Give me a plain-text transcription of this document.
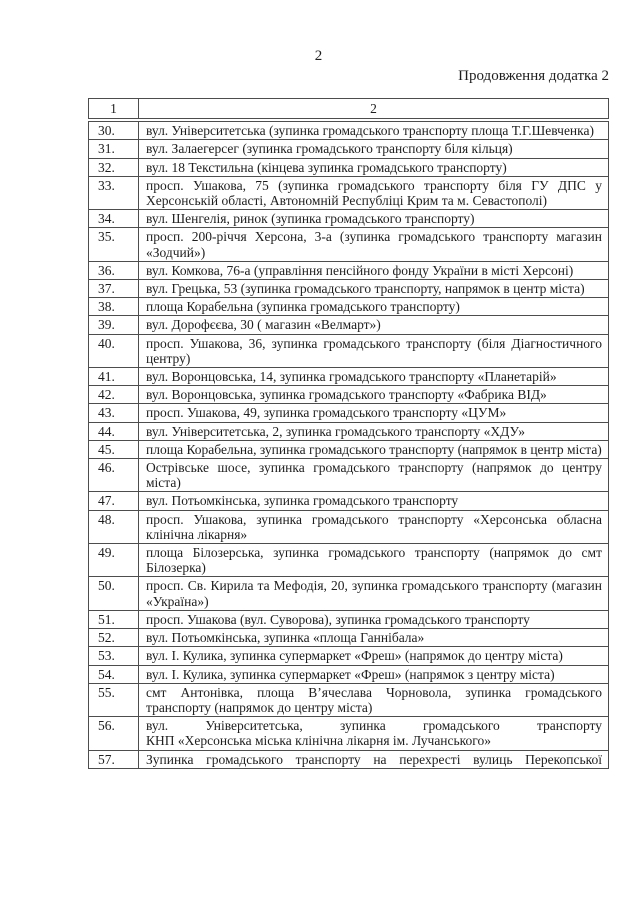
2
Продовження додатка 2
1	2
30.	вул. Університетська (зупинка громадського транспорту площа Т.Г.Шевченка)
31.	вул. Залаегерсег (зупинка громадського транспорту біля кільця)
32.	вул. 18 Текстильна (кінцева зупинка громадського транспорту)
33.	просп. Ушакова, 75 (зупинка громадського транспорту біля ГУ ДПС у Херсонській області, Автономній Республіці Крим та м. Севастополі)
34.	вул. Шенгелія, ринок (зупинка громадського транспорту)
35.	просп. 200-річчя Херсона, 3-а (зупинка громадського транспорту магазин «Зодчий»)
36.	вул. Комкова, 76-а (управління пенсійного фонду України в місті Херсоні)
37.	вул. Грецька, 53 (зупинка громадського транспорту, напрямок в центр міста)
38.	площа Корабельна (зупинка громадського транспорту)
39.	вул. Дорофєєва, 30 ( магазин «Велмарт»)
40.	просп. Ушакова, 36, зупинка громадського транспорту (біля Діагностичного центру)
41.	вул. Воронцовська, 14, зупинка громадського транспорту «Планетарій»
42.	вул. Воронцовська, зупинка громадського транспорту «Фабрика ВІД»
43.	просп. Ушакова, 49, зупинка громадського транспорту «ЦУМ»
44.	вул. Університетська, 2, зупинка громадського транспорту «ХДУ»
45.	площа Корабельна, зупинка громадського транспорту (напрямок в центр міста)
46.	Острівське шосе, зупинка громадського транспорту (напрямок до центру міста)
47.	вул. Потьомкінська, зупинка громадського транспорту
48.	просп. Ушакова, зупинка громадського транспорту «Херсонська обласна клінічна лікарня»
49.	площа Білозерська, зупинка громадського транспорту (напрямок до смт Білозерка)
50.	просп. Св. Кирила та Мефодія, 20, зупинка громадського транспорту (магазин «Україна»)
51.	просп. Ушакова (вул. Суворова), зупинка громадського транспорту
52.	вул. Потьомкінська, зупинка «площа Ганнібала»
53.	вул. І. Кулика, зупинка супермаркет «Фреш» (напрямок до центру міста)
54.	вул. І. Кулика, зупинка супермаркет «Фреш» (напрямок з центру міста)
55.	смт Антонівка, площа В’ячеслава Чорновола, зупинка громадського транспорту (напрямок до центру міста)
56.	вул. Університетська, зупинка громадського транспорту КНП «Херсонська міська клінічна лікарня ім. Лучанського»
57.	Зупинка громадського транспорту на перехресті вулиць Перекопської
